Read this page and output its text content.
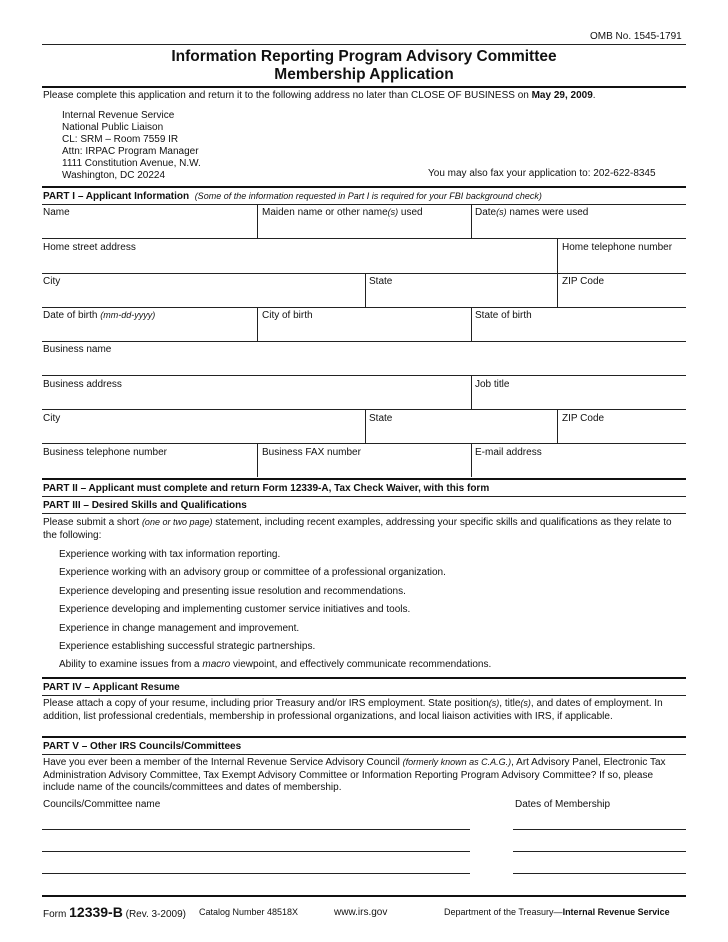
OMB No. 1545-1791
Information Reporting Program Advisory Committee
Membership Application
Please complete this application and return it to the following address no later than CLOSE OF BUSINESS on May 29, 2009.
Internal Revenue Service
National Public Liaison
CL: SRM – Room 7559 IR
Attn: IRPAC Program Manager
1111 Constitution Avenue, N.W.
Washington, DC 20224	You may also fax your application to: 202-622-8345
PART I – Applicant Information (Some of the information requested in Part I is required for your FBI background check)
Name	Maiden name or other name(s) used	Date(s) names were used
Home street address	Home telephone number
City	State	ZIP Code
Date of birth (mm-dd-yyyy)	City of birth	State of birth
Business name
Business address	Job title
City	State	ZIP Code
Business telephone number	Business FAX number	E-mail address
PART II – Applicant must complete and return Form 12339-A, Tax Check Waiver, with this form
PART III – Desired Skills and Qualifications
Please submit a short (one or two page) statement, including recent examples, addressing your specific skills and qualifications as they relate to the following:
Experience working with tax information reporting.
Experience working with an advisory group or committee of a professional organization.
Experience developing and presenting issue resolution and recommendations.
Experience developing and implementing customer service initiatives and tools.
Experience in change management and improvement.
Experience establishing successful strategic partnerships.
Ability to examine issues from a macro viewpoint, and effectively communicate recommendations.
PART IV – Applicant Resume
Please attach a copy of your resume, including prior Treasury and/or IRS employment. State position(s), title(s), and dates of employment. In addition, list professional credentials, membership in professional organizations, and local liaison activities with IRS, if applicable.
PART V – Other IRS Councils/Committees
Have you ever been a member of the Internal Revenue Service Advisory Council (formerly known as C.A.G.), Art Advisory Panel, Electronic Tax Administration Advisory Committee, Tax Exempt Advisory Committee or Information Reporting Program Advisory Committee? If so, please include name of the councils/committees and dates of membership.
Councils/Committee name	Dates of Membership
Form 12339-B (Rev. 3-2009) Catalog Number 48518X	www.irs.gov	Department of the Treasury—Internal Revenue Service
